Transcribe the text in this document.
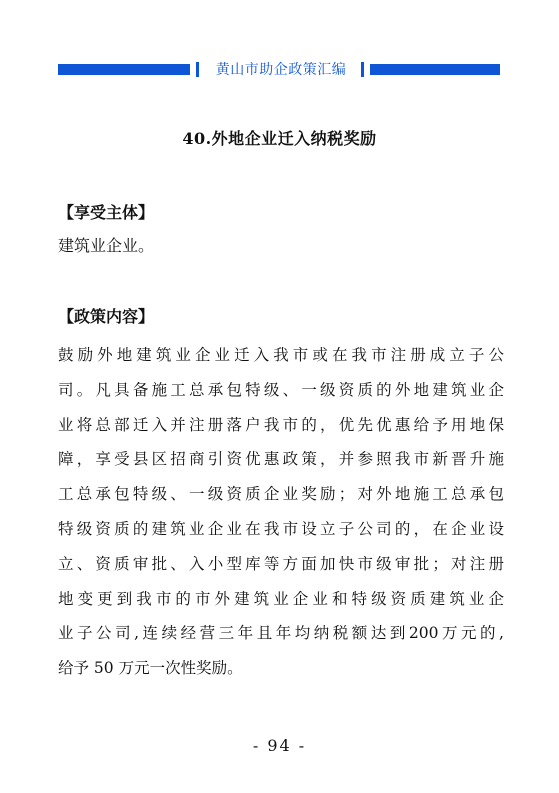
黄山市助企政策汇编
40.外地企业迁入纳税奖励
【享受主体】
建筑业企业。
【政策内容】
鼓励外地建筑业企业迁入我市或在我市注册成立子公
司。凡具备施工总承包特级、一级资质的外地建筑业企
业将总部迁入并注册落户我市的，优先优惠给予用地保
障，享受县区招商引资优惠政策，并参照我市新晋升施
工总承包特级、一级资质企业奖励；对外地施工总承包
特级资质的建筑业企业在我市设立子公司的，在企业设
立、资质审批、入小型库等方面加快市级审批；对注册
地变更到我市的市外建筑业企业和特级资质建筑业企
业子公司,连续经营三年且年均纳税额达到200万元的,
给予 50 万元一次性奖励。
- 94 -
